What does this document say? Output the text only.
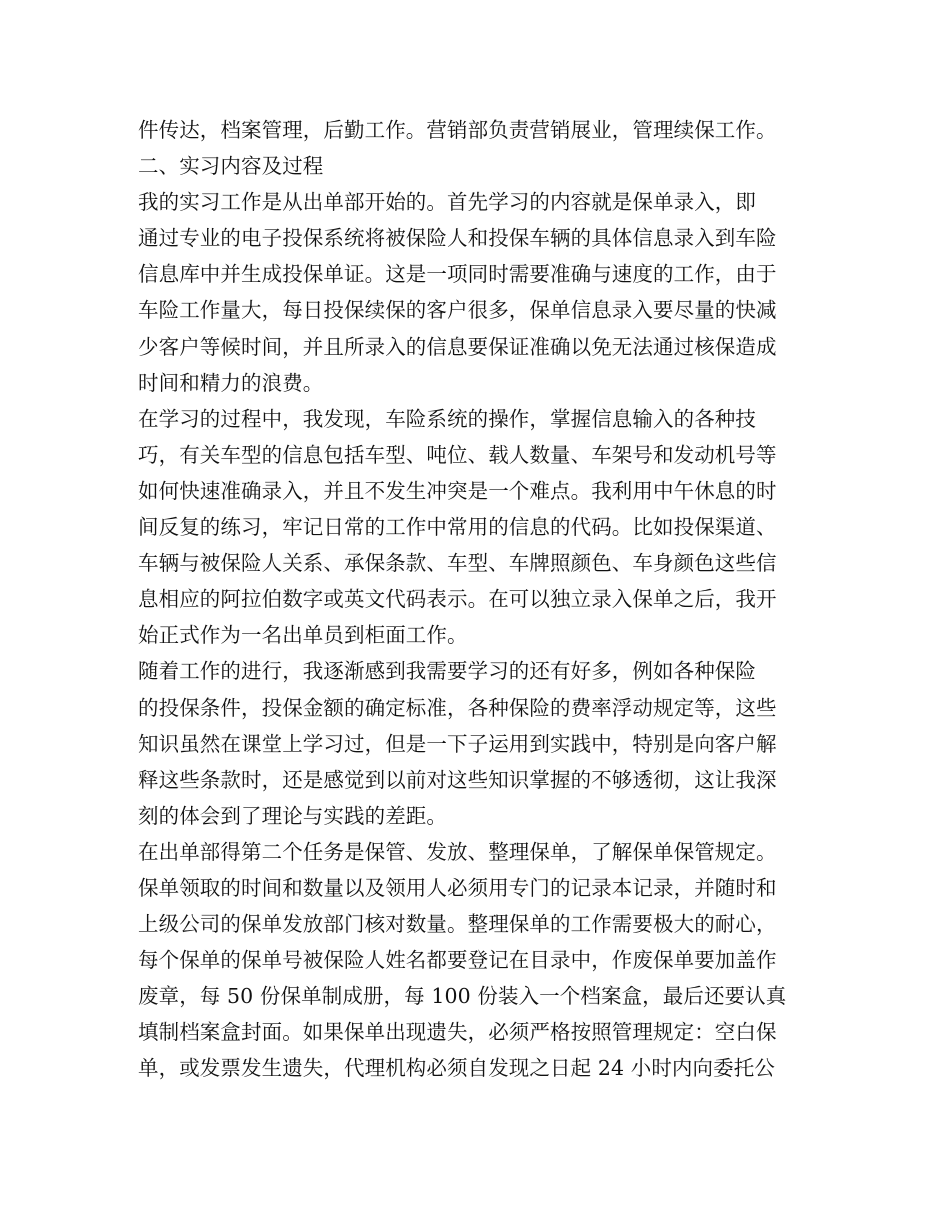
件传达，档案管理，后勤工作。营销部负责营销展业，管理续保工作。
二、实习内容及过程
我的实习工作是从出单部开始的。首先学习的内容就是保单录入，即
通过专业的电子投保系统将被保险人和投保车辆的具体信息录入到车险
信息库中并生成投保单证。这是一项同时需要准确与速度的工作，由于
车险工作量大，每日投保续保的客户很多，保单信息录入要尽量的快减
少客户等候时间，并且所录入的信息要保证准确以免无法通过核保造成
时间和精力的浪费。
在学习的过程中，我发现，车险系统的操作，掌握信息输入的各种技
巧，有关车型的信息包括车型、吨位、载人数量、车架号和发动机号等
如何快速准确录入，并且不发生冲突是一个难点。我利用中午休息的时
间反复的练习，牢记日常的工作中常用的信息的代码。比如投保渠道、
车辆与被保险人关系、承保条款、车型、车牌照颜色、车身颜色这些信
息相应的阿拉伯数字或英文代码表示。在可以独立录入保单之后，我开
始正式作为一名出单员到柜面工作。
随着工作的进行，我逐渐感到我需要学习的还有好多，例如各种保险
的投保条件，投保金额的确定标准，各种保险的费率浮动规定等，这些
知识虽然在课堂上学习过，但是一下子运用到实践中，特别是向客户解
释这些条款时，还是感觉到以前对这些知识掌握的不够透彻，这让我深
刻的体会到了理论与实践的差距。
在出单部得第二个任务是保管、发放、整理保单，了解保单保管规定。
保单领取的时间和数量以及领用人必须用专门的记录本记录，并随时和
上级公司的保单发放部门核对数量。整理保单的工作需要极大的耐心，
每个保单的保单号被保险人姓名都要登记在目录中，作废保单要加盖作
废章，每 50 份保单制成册，每 100 份装入一个档案盒，最后还要认真
填制档案盒封面。如果保单出现遗失，必须严格按照管理规定：空白保
单，或发票发生遗失，代理机构必须自发现之日起 24 小时内向委托公
